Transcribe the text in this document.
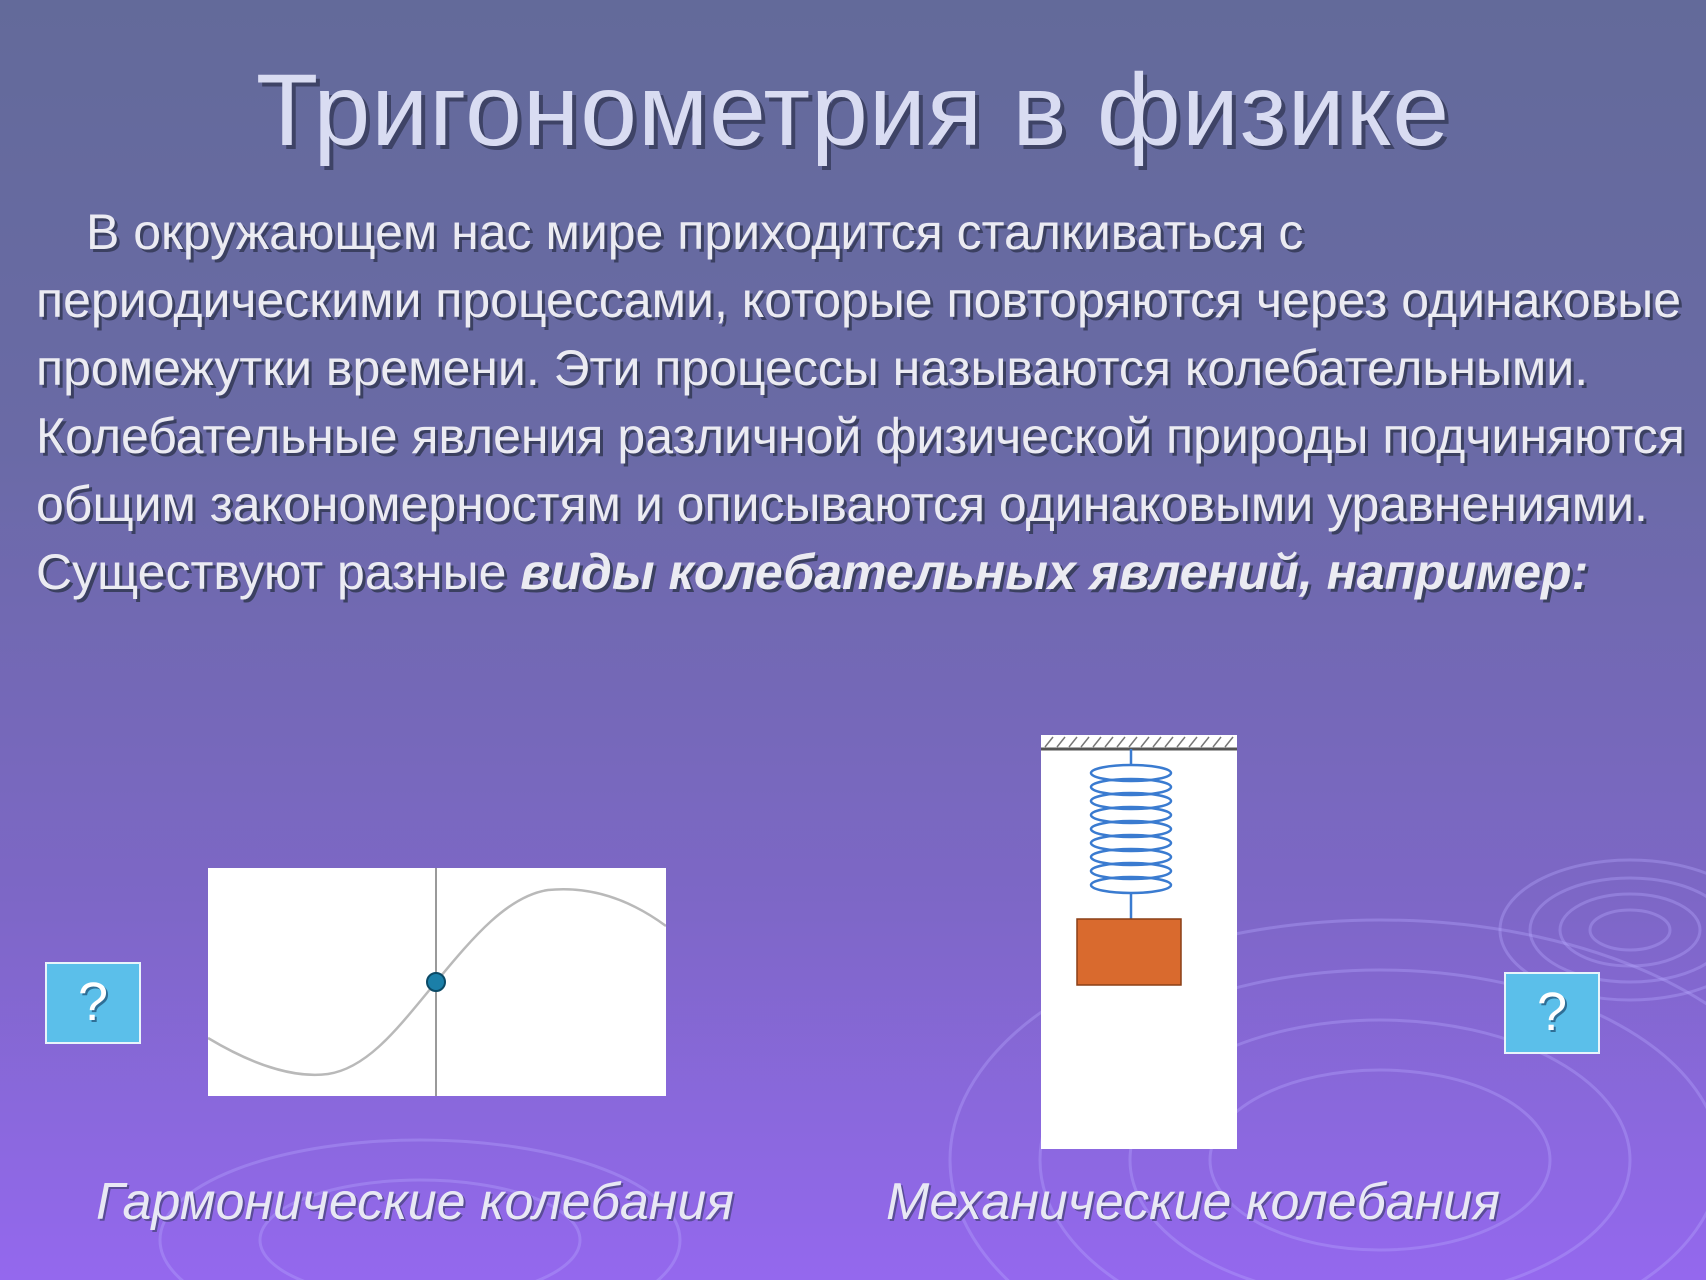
Тригонометрия в физике
В окружающем нас мире приходится сталкиваться с периодическими процессами, которые повторяются через одинаковые промежутки времени. Эти процессы называются колебательными. Колебательные явления различной физической природы подчиняются общим закономерностям и описываются одинаковыми уравнениями. Существуют разные виды колебательных явлений, например:
?	?
Гармонические колебания	Механические колебания
